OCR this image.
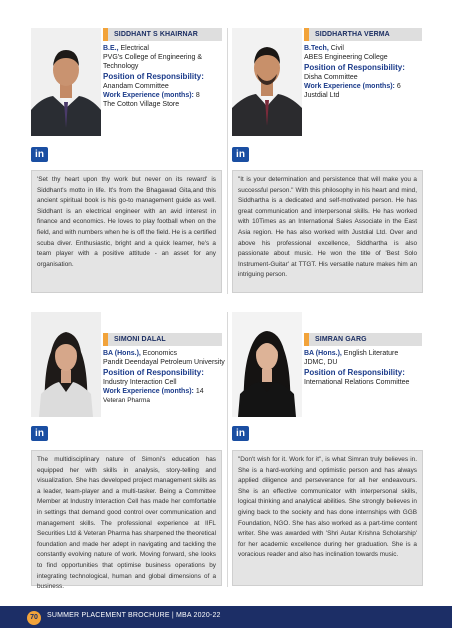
SIDDHANT S KHAIRNAR
B.E., Electrical
PVG's College of Engineering & Technology
Position of Responsibility:
Anandam Committee
Work Experience (months): 8
The Cotton Village Store
in
'Set thy heart upon thy work but never on its reward' is Siddhant's motto in life. It's from the Bhagawad Gita,and this ancient spiritual book is his go-to management guide as well. Siddhant is an electrical engineer with an avid interest in finance and economics. He loves to play football when on the field, and with numbers when he is off the field. He is a certified scuba diver. Enthusiastic, bright and a quick learner, he's a team player with a positive attitude - an asset for any organisation.
SIDDHARTHA VERMA
B.Tech, Civil
ABES Engineering College
Position of Responsibility:
Disha Committee
Work Experience (months): 6
Justdial Ltd
in
"It is your determination and persistence that will make you a successful person." With this philosophy in his heart and mind, Siddhartha is a dedicated and self-motivated person. He has great communication and interpersonal skills. He has worked with 10Times as an International Sales Associate in the East Asia region. He has also worked with Justdial Ltd. Over and above his professional excellence, Siddhartha is also passionate about music. He won the title of 'Best Solo Instrument-Guitar' at TTGT. His versatile nature makes him an intriguing person.
SIMONI DALAL
BA (Hons.), Economics
Pandit Deendayal Petroleum University
Position of Responsibility:
Industry Interaction Cell
Work Experience (months): 14
Veteran Pharma
in
The multidisciplinary nature of Simoni's education has equipped her with skills in analysis, story-telling and visualization. She has developed project management skills as a leader, team-player and a multi-tasker. Being a Committee Member at Industry Interaction Cell has made her comfortable in settings that demand good control over communication and management skills. The professional experience at IIFL Securities Ltd & Veteran Pharma has sharpened the theoretical foundation and made her adept in navigating and tackling the constantly evolving nature of work. Moving forward, she looks to find opportunities that optimise business operations by integrating technological, human and global dimensions of a business.
SIMRAN GARG
BA (Hons.), English Literature
JDMC, DU
Position of Responsibility:
International Relations Committee
in
"Don't wish for it. Work for it", is what Simran truly believes in. She is a hard-working and optimistic person and has always applied diligence and perseverance for all her endeavours. She is an effective communicator with interpersonal skills, logical thinking and analytical abilities. She strongly believes in giving back to the society and has done internships with GGB Foundation, NGO. She has also worked as a part-time content writer. She was awarded with 'Shri Autar Krishna Scholarship' for her academic excellence during her graduation. She is a voracious reader and also has inclination towards music.
70	SUMMER PLACEMENT BROCHURE | MBA 2020-22
